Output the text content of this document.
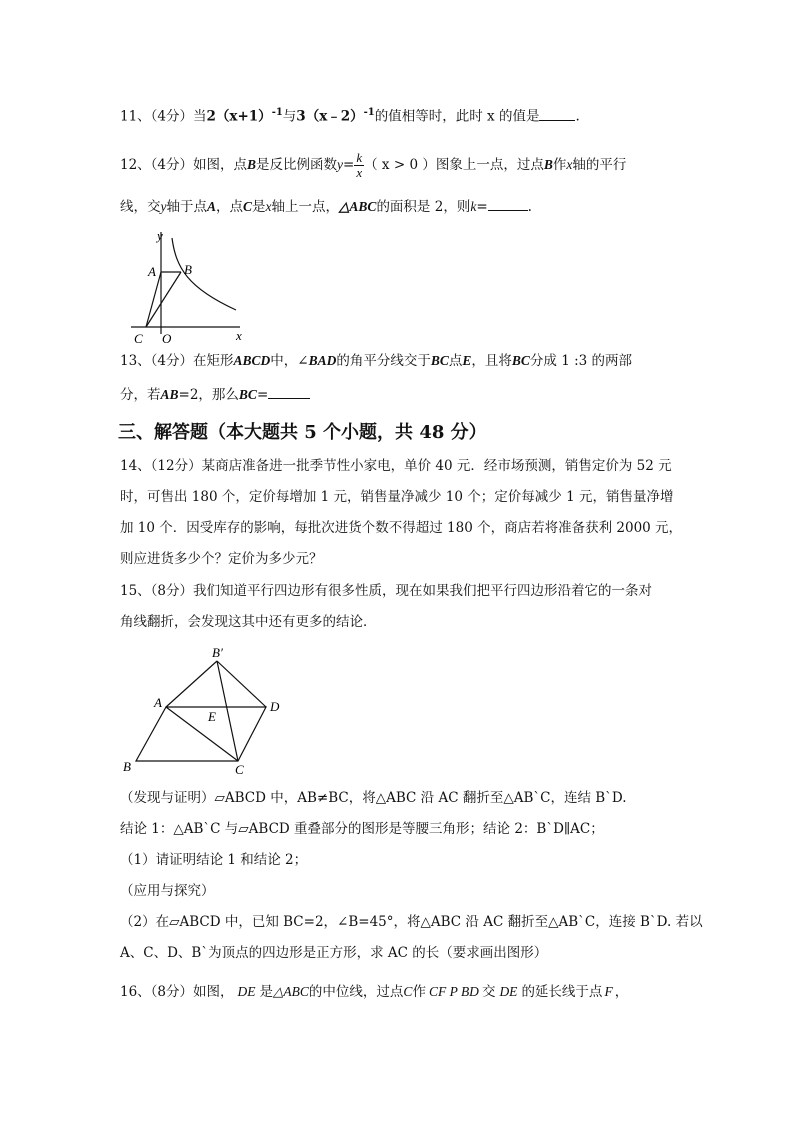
11、（4分）当$2(x+1)^{-1}$与3（x﹣2）$^{-1}$的值相等时，此时 x 的值是	.
12、（4分）如图，点B是反比例函数$y= \frac{k}{x}$ （ x > 0 ）图象上一点，过点B作x轴的平行
线，交y轴于点A，点C是x轴上一点，△ABC的面积是 2，则k=	.
y
x
A B
C O
13、（4分）在矩形ABCD中，∠BAD的角平分线交于BC点E，且将BC分成 1 :3 的两部
分，若AB=2，那么BC=
三、解答题（本大题共 5 个小题，共 48 分）
14、（12分）某商店准备进一批季节性小家电，单价 40 元．经市场预测，销售定价为 52 元
时，可售出 180 个，定价每增加 1 元，销售量净减少 10 个；定价每减少 1 元，销售量净增
加 10 个．因受库存的影响，每批次进货个数不得超过 180 个，商店若将准备获利 2000 元，
则应进货多少个？定价为多少元？
15、（8分）我们知道平行四边形有很多性质，现在如果我们把平行四边形沿着它的一条对
角线翻折，会发现这其中还有更多的结论．
B′
A	D
E
B	C
（发现与证明）▱ABCD 中，AB≠BC，将△ABC 沿 AC 翻折至△AB`C，连结 B`D.
结论 1：△AB`C 与▱ABCD 重叠部分的图形是等腰三角形；结论 2：B`D∥AC；
（1）请证明结论 1 和结论 2；
（应用与探究）
（2）在▱ABCD 中，已知 BC=2，∠B=45°，将△ABC 沿 AC 翻折至△AB`C，连接 B`D. 若以
A、C、D、B`为顶点的四边形是正方形，求 AC 的长（要求画出图形）
16、（8分）如图， DE 是△ABC的中位线，过点C作 CF P BD 交 DE 的延长线于点 F ，
